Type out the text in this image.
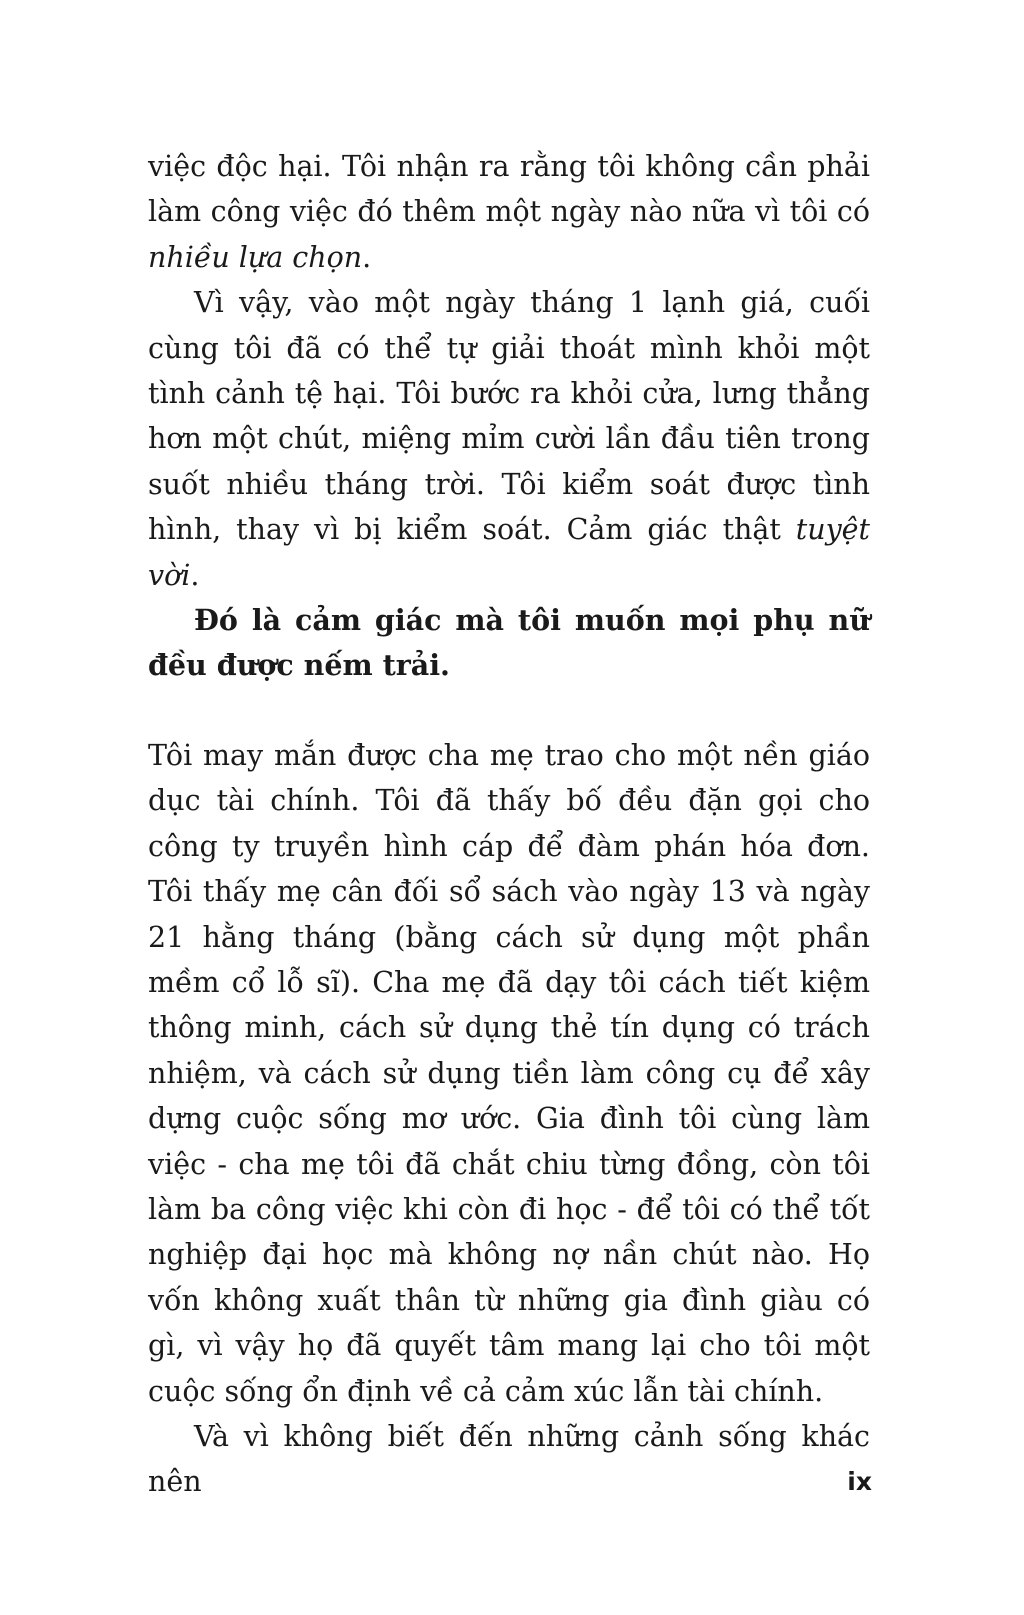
việc độc hại. Tôi nhận ra rằng tôi không cần phải làm công việc đó thêm một ngày nào nữa vì tôi có nhiều lựa chọn.

Vì vậy, vào một ngày tháng 1 lạnh giá, cuối cùng tôi đã có thể tự giải thoát mình khỏi một tình cảnh tệ hại. Tôi bước ra khỏi cửa, lưng thẳng hơn một chút, miệng mỉm cười lần đầu tiên trong suốt nhiều tháng trời. Tôi kiểm soát được tình hình, thay vì bị kiểm soát. Cảm giác thật tuyệt vời.

Đó là cảm giác mà tôi muốn mọi phụ nữ đều được nếm trải.

Tôi may mắn được cha mẹ trao cho một nền giáo dục tài chính. Tôi đã thấy bố đều đặn gọi cho công ty truyền hình cáp để đàm phán hóa đơn. Tôi thấy mẹ cân đối sổ sách vào ngày 13 và ngày 21 hằng tháng (bằng cách sử dụng một phần mềm cổ lỗ sĩ). Cha mẹ đã dạy tôi cách tiết kiệm thông minh, cách sử dụng thẻ tín dụng có trách nhiệm, và cách sử dụng tiền làm công cụ để xây dựng cuộc sống mơ ước. Gia đình tôi cùng làm việc - cha mẹ tôi đã chắt chiu từng đồng, còn tôi làm ba công việc khi còn đi học - để tôi có thể tốt nghiệp đại học mà không nợ nần chút nào. Họ vốn không xuất thân từ những gia đình giàu có gì, vì vậy họ đã quyết tâm mang lại cho tôi một cuộc sống ổn định về cả cảm xúc lẫn tài chính.

Và vì không biết đến những cảnh sống khác nên	ix
